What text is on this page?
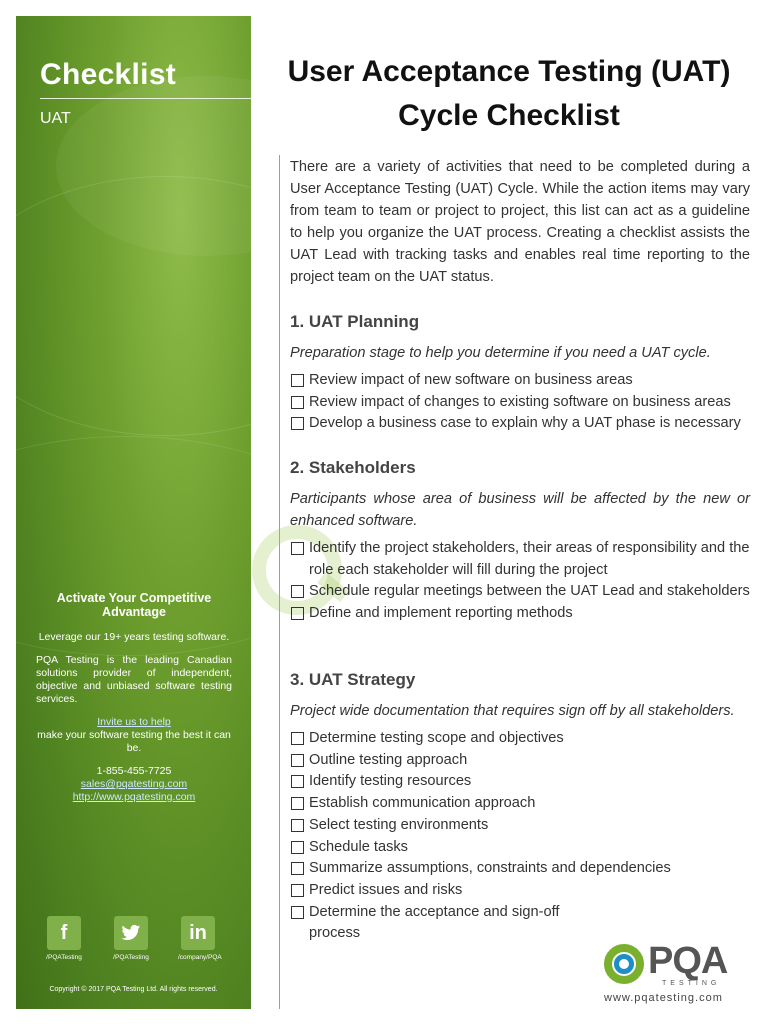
Checklist
UAT
Activate Your Competitive Advantage

Leverage our 19+ years testing software.

PQA Testing is the leading Canadian solutions provider of independent, objective and unbiased software testing services.

Invite us to help
make your software testing the best it can be.

1-855-455-7725
sales@pqatesting.com
http://www.pqatesting.com

f
/PQATesting	/PQATesting
in
/company/PQA
Copyright © 2017 PQA Testing Ltd. All rights reserved.
User Acceptance Testing (UAT)
Cycle Checklist
There are a variety of activities that need to be completed during a User Acceptance Testing (UAT) Cycle. While the action items may vary from team to team or project to project, this list can act as a guideline to help you organize the UAT process. Creating a checklist assists the UAT Lead with tracking tasks and enables real time reporting to the project team on the UAT status.
1. UAT Planning
Preparation stage to help you determine if you need a UAT cycle.
Review impact of new software on business areas
Review impact of changes to existing software on business areas
Develop a business case to explain why a UAT phase is necessary
2. Stakeholders
Participants whose area of business will be affected by the new or enhanced software.
Identify the project stakeholders, their areas of responsibility and the role each stakeholder will fill during the project
Schedule regular meetings between the UAT Lead and stakeholders
Define and implement reporting methods
3. UAT Strategy
Project wide documentation that requires sign off by all stakeholders.
Determine testing scope and objectives
Outline testing approach
Identify testing resources
Establish communication approach
Select testing environments
Schedule tasks
Summarize assumptions, constraints and dependencies
Predict issues and risks
Determine the acceptance and sign-off process
PQA
TESTING
www.pqatesting.com
